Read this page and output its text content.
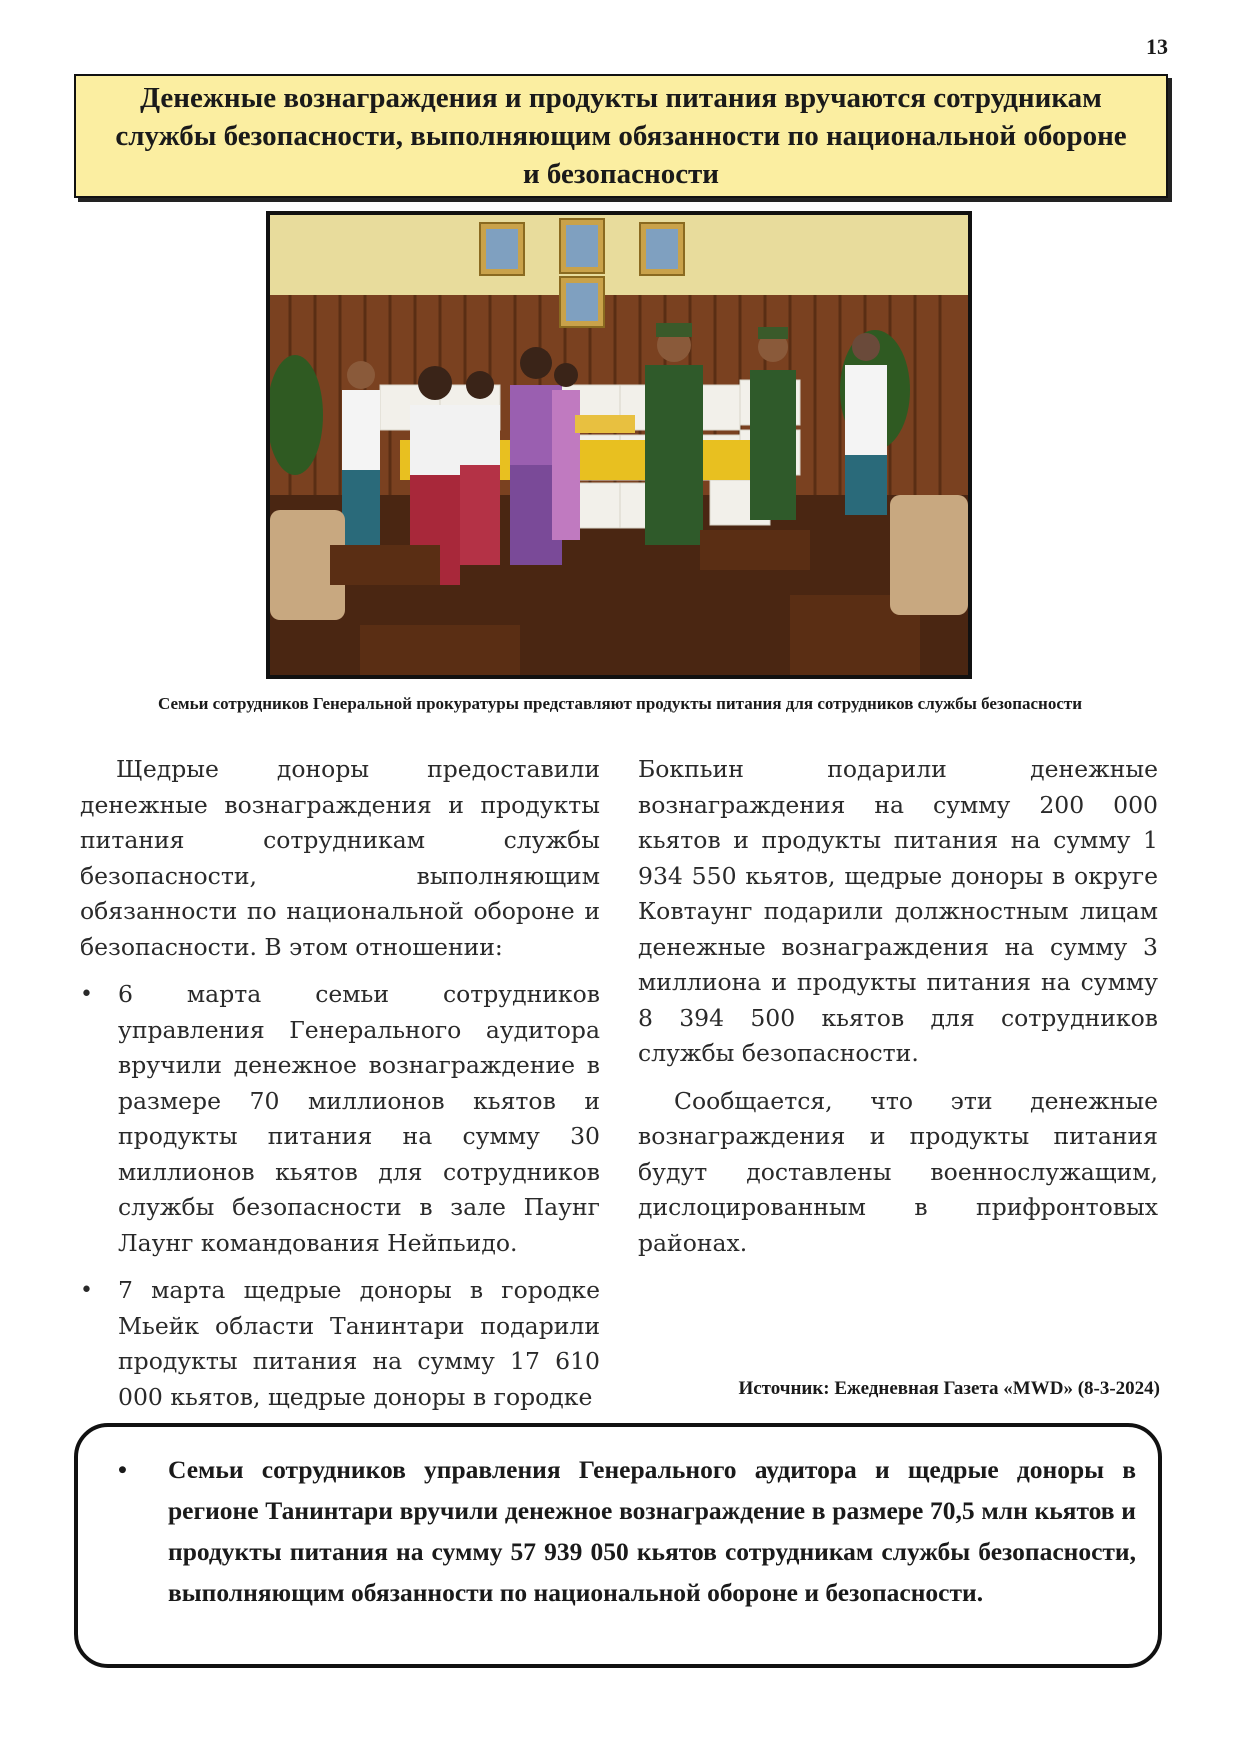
13
Денежные вознаграждения и продукты питания вручаются сотрудникам службы безопасности, выполняющим обязанности по национальной обороне и безопасности
Семьи сотрудников Генеральной прокуратуры представляют продукты питания для сотрудников службы безопасности

Щедрые доноры предоставили денежные вознаграждения и продукты питания сотрудникам службы безопасности, выполняющим обязанности по национальной обороне и безопасности. В этом отношении:

• 6 марта семьи сотрудников управления Генерального аудитора вручили денежное вознаграждение в размере 70 миллионов кьятов и продукты питания на сумму 30 миллионов кьятов для сотрудников службы безопасности в зале Паунг Лаунг командования Нейпьидо.
• 7 марта щедрые доноры в городке Мьейк области Танинтари подарили продукты питания на сумму 17 610 000 кьятов, щедрые доноры в городке

Бокпьин подарили денежные вознаграждения на сумму 200 000 кьятов и продукты питания на сумму 1 934 550 кьятов, щедрые доноры в округе Ковтаунг подарили должностным лицам денежные вознаграждения на сумму 3 миллиона и продукты питания на сумму 8 394 500 кьятов для сотрудников службы безопасности.

Сообщается, что эти денежные вознаграждения и продукты питания будут доставлены военнослужащим, дислоцированным в прифронтовых районах.

Источник: Ежедневная Газета «MWD» (8-3-2024)
• Семьи сотрудников управления Генерального аудитора и щедрые доноры в регионе Танинтари вручили денежное вознаграждение в размере 70,5 млн кьятов и продукты питания на сумму 57 939 050 кьятов сотрудникам службы безопасности, выполняющим обязанности по национальной обороне и безопасности.
